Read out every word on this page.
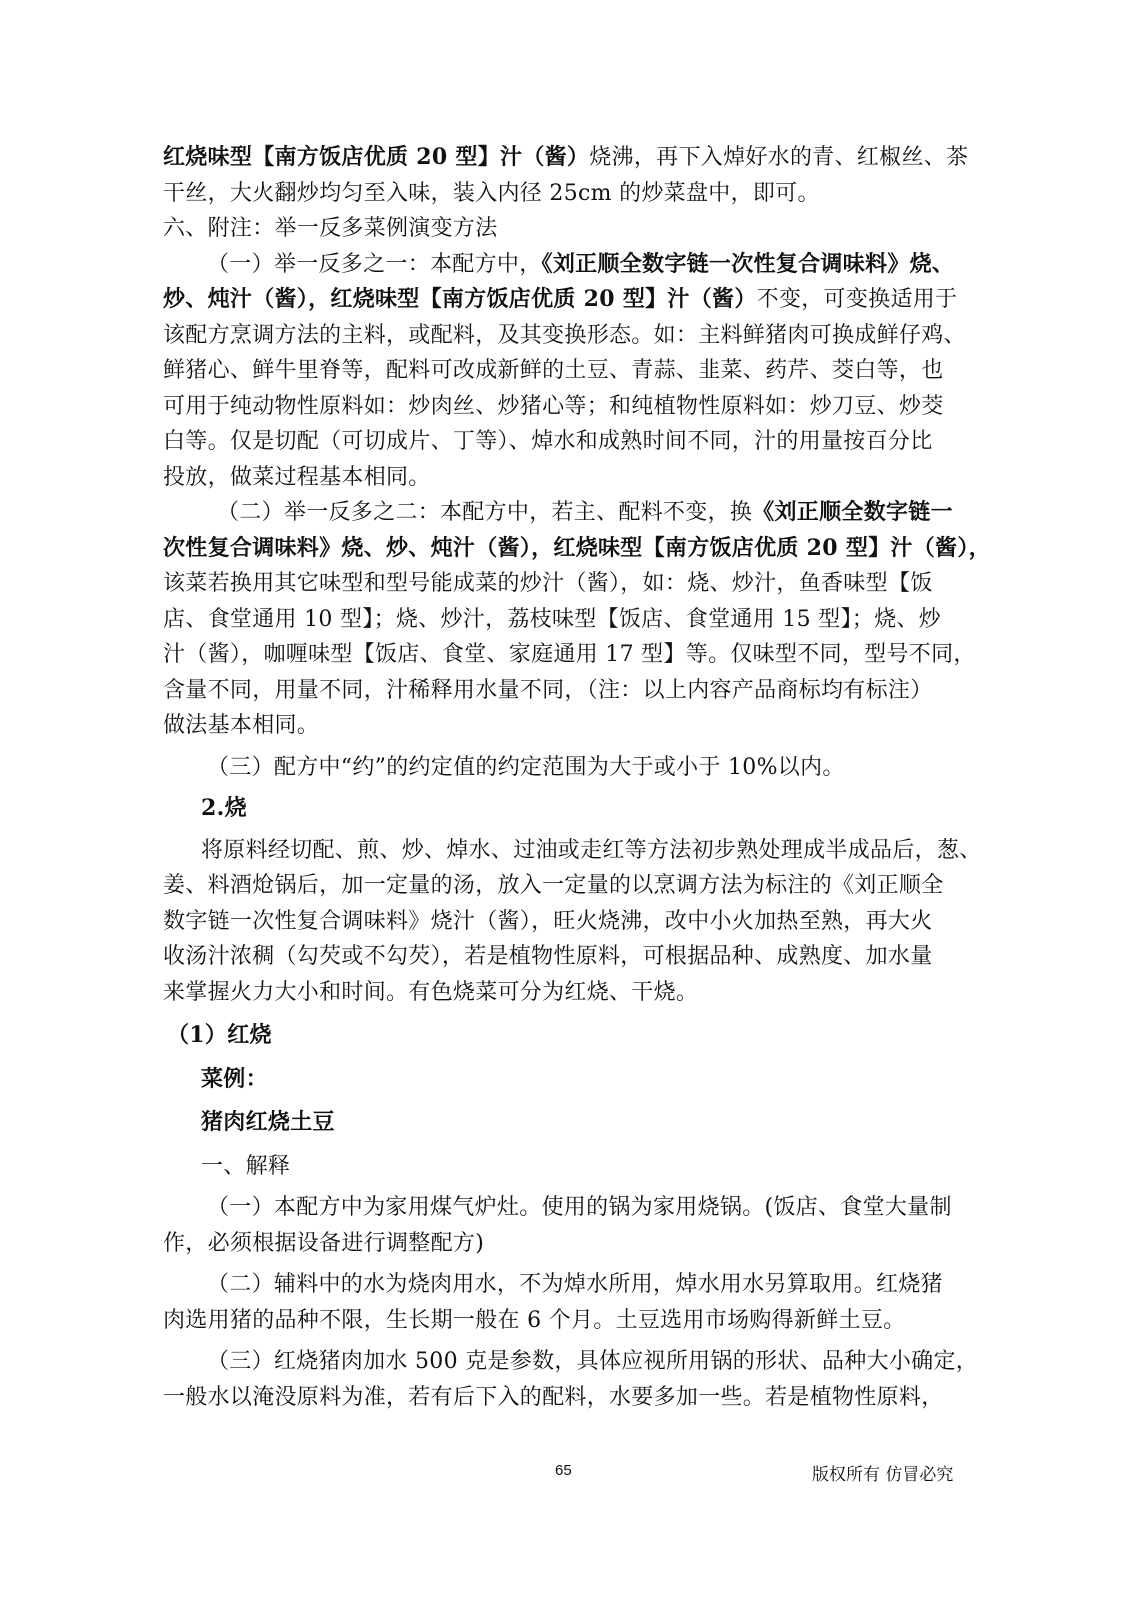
红烧味型【南方饭店优质 20 型】汁（酱）烧沸，再下入焯好水的青、红椒丝、茶
干丝，大火翻炒均匀至入味，装入内径 25cm 的炒菜盘中，即可。
六、附注：举一反多菜例演变方法
（一）举一反多之一：本配方中，《刘正顺全数字链一次性复合调味料》烧、
炒、炖汁（酱），红烧味型【南方饭店优质 20 型】汁（酱）不变，可变换适用于
该配方烹调方法的主料，或配料，及其变换形态。如：主料鲜猪肉可换成鲜仔鸡、
鲜猪心、鲜牛里脊等，配料可改成新鲜的土豆、青蒜、韭菜、药芹、茭白等，也
可用于纯动物性原料如：炒肉丝、炒猪心等；和纯植物性原料如：炒刀豆、炒茭
白等。仅是切配（可切成片、丁等）、焯水和成熟时间不同，汁的用量按百分比
投放，做菜过程基本相同。
（二）举一反多之二：本配方中，若主、配料不变，换《刘正顺全数字链一
次性复合调味料》烧、炒、炖汁（酱），红烧味型【南方饭店优质 20 型】汁（酱），
该菜若换用其它味型和型号能成菜的炒汁（酱），如：烧、炒汁，鱼香味型【饭
店、食堂通用 10 型】；烧、炒汁，荔枝味型【饭店、食堂通用 15 型】；烧、炒
汁（酱），咖喱味型【饭店、食堂、家庭通用 17 型】等。仅味型不同，型号不同，
含量不同，用量不同，汁稀释用水量不同，（注：以上内容产品商标均有标注）
做法基本相同。
（三）配方中“约”的约定值的约定范围为大于或小于 10%以内。
2.烧
将原料经切配、煎、炒、焯水、过油或走红等方法初步熟处理成半成品后，葱、
姜、料酒炝锅后，加一定量的汤，放入一定量的以烹调方法为标注的《刘正顺全
数字链一次性复合调味料》烧汁（酱），旺火烧沸，改中小火加热至熟，再大火
收汤汁浓稠（勾芡或不勾芡），若是植物性原料，可根据品种、成熟度、加水量
来掌握火力大小和时间。有色烧菜可分为红烧、干烧。
（1）红烧
菜例：
猪肉红烧土豆
一、解释
（一）本配方中为家用煤气炉灶。使用的锅为家用烧锅。(饭店、食堂大量制
作，必须根据设备进行调整配方)
（二）辅料中的水为烧肉用水，不为焯水所用，焯水用水另算取用。红烧猪
肉选用猪的品种不限，生长期一般在 6 个月。土豆选用市场购得新鲜土豆。
（三）红烧猪肉加水 500 克是参数，具体应视所用锅的形状、品种大小确定，
一般水以淹没原料为准，若有后下入的配料，水要多加一些。若是植物性原料，
65	版权所有 仿冒必究
